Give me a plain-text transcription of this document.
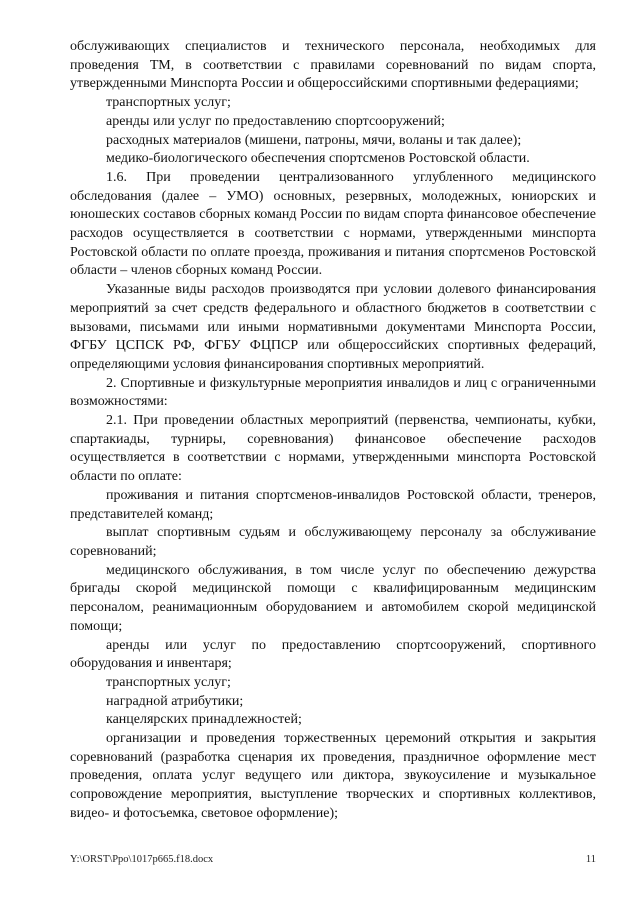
обслуживающих специалистов и технического персонала, необходимых для проведения ТМ, в соответствии с правилами соревнований по видам спорта, утвержденными Минспорта России и общероссийскими спортивными федерациями;

транспортных услуг;

аренды или услуг по предоставлению спортсооружений;

расходных материалов (мишени, патроны, мячи, воланы и так далее);

медико-биологического обеспечения спортсменов Ростовской области.

1.6. При проведении централизованного углубленного медицинского обследования (далее – УМО) основных, резервных, молодежных, юниорских и юношеских составов сборных команд России по видам спорта финансовое обеспечение расходов осуществляется в соответствии с нормами, утвержденными минспорта Ростовской области по оплате проезда, проживания и питания спортсменов Ростовской области – членов сборных команд России.

Указанные виды расходов производятся при условии долевого финансирования мероприятий за счет средств федерального и областного бюджетов в соответствии с вызовами, письмами или иными нормативными документами Минспорта России, ФГБУ ЦСПСК РФ, ФГБУ ФЦПСР или общероссийских спортивных федераций, определяющими условия финансирования спортивных мероприятий.

2. Спортивные и физкультурные мероприятия инвалидов и лиц с ограниченными возможностями:

2.1. При проведении областных мероприятий (первенства, чемпионаты, кубки, спартакиады, турниры, соревнования) финансовое обеспечение расходов осуществляется в соответствии с нормами, утвержденными минспорта Ростовской области по оплате:

проживания и питания спортсменов-инвалидов Ростовской области, тренеров, представителей команд;

выплат спортивным судьям и обслуживающему персоналу за обслуживание соревнований;

медицинского обслуживания, в том числе услуг по обеспечению дежурства бригады скорой медицинской помощи с квалифицированным медицинским персоналом, реанимационным оборудованием и автомобилем скорой медицинской помощи;

аренды или услуг по предоставлению спортсооружений, спортивного оборудования и инвентаря;

транспортных услуг;

наградной атрибутики;

канцелярских принадлежностей;

организации и проведения торжественных церемоний открытия и закрытия соревнований (разработка сценария их проведения, праздничное оформление мест проведения, оплата услуг ведущего или диктора, звукоусиление и музыкальное сопровождение мероприятия, выступление творческих и спортивных коллективов, видео- и фотосъемка, световое оформление);

Y:\ORST\Ppo\1017p665.f18.docx	11
